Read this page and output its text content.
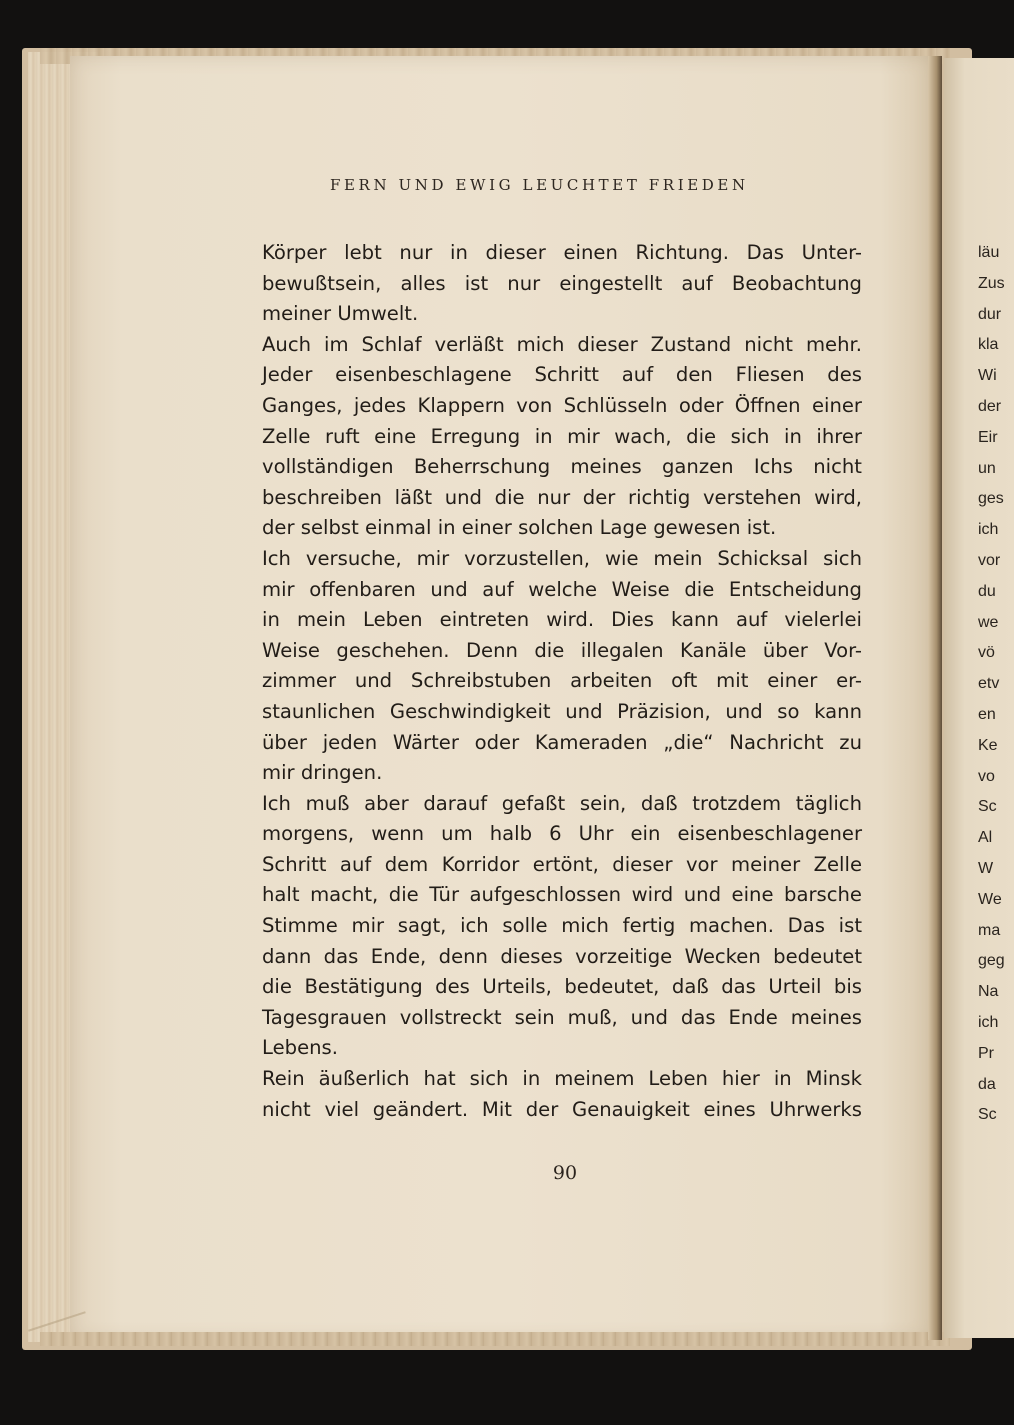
FERN UND EWIG LEUCHTET FRIEDEN
Körper lebt nur in dieser einen Richtung. Das Unter-
bewußtsein, alles ist nur eingestellt auf Beobachtung
meiner Umwelt.
Auch im Schlaf verläßt mich dieser Zustand nicht mehr.
Jeder eisenbeschlagene Schritt auf den Fliesen des
Ganges, jedes Klappern von Schlüsseln oder Öffnen einer
Zelle ruft eine Erregung in mir wach, die sich in ihrer
vollständigen Beherrschung meines ganzen Ichs nicht
beschreiben läßt und die nur der richtig verstehen wird,
der selbst einmal in einer solchen Lage gewesen ist.
Ich versuche, mir vorzustellen, wie mein Schicksal sich
mir offenbaren und auf welche Weise die Entscheidung
in mein Leben eintreten wird. Dies kann auf vielerlei
Weise geschehen. Denn die illegalen Kanäle über Vor-
zimmer und Schreibstuben arbeiten oft mit einer er-
staunlichen Geschwindigkeit und Präzision, und so kann
über jeden Wärter oder Kameraden „die“ Nachricht zu
mir dringen.
Ich muß aber darauf gefaßt sein, daß trotzdem täglich
morgens, wenn um halb 6 Uhr ein eisenbeschlagener
Schritt auf dem Korridor ertönt, dieser vor meiner Zelle
halt macht, die Tür aufgeschlossen wird und eine barsche
Stimme mir sagt, ich solle mich fertig machen. Das ist
dann das Ende, denn dieses vorzeitige Wecken bedeutet
die Bestätigung des Urteils, bedeutet, daß das Urteil bis
Tagesgrauen vollstreckt sein muß, und das Ende meines
Lebens.
Rein äußerlich hat sich in meinem Leben hier in Minsk
nicht viel geändert. Mit der Genauigkeit eines Uhrwerks
90
läu
Zus
dur
kla
Wi
der
Eir
un
ges
ich
vor
du
we
vö
etv
en
Ke
vo
Sc
Al
W
We
ma
geg
Na
ich
Pr
da
Sc
